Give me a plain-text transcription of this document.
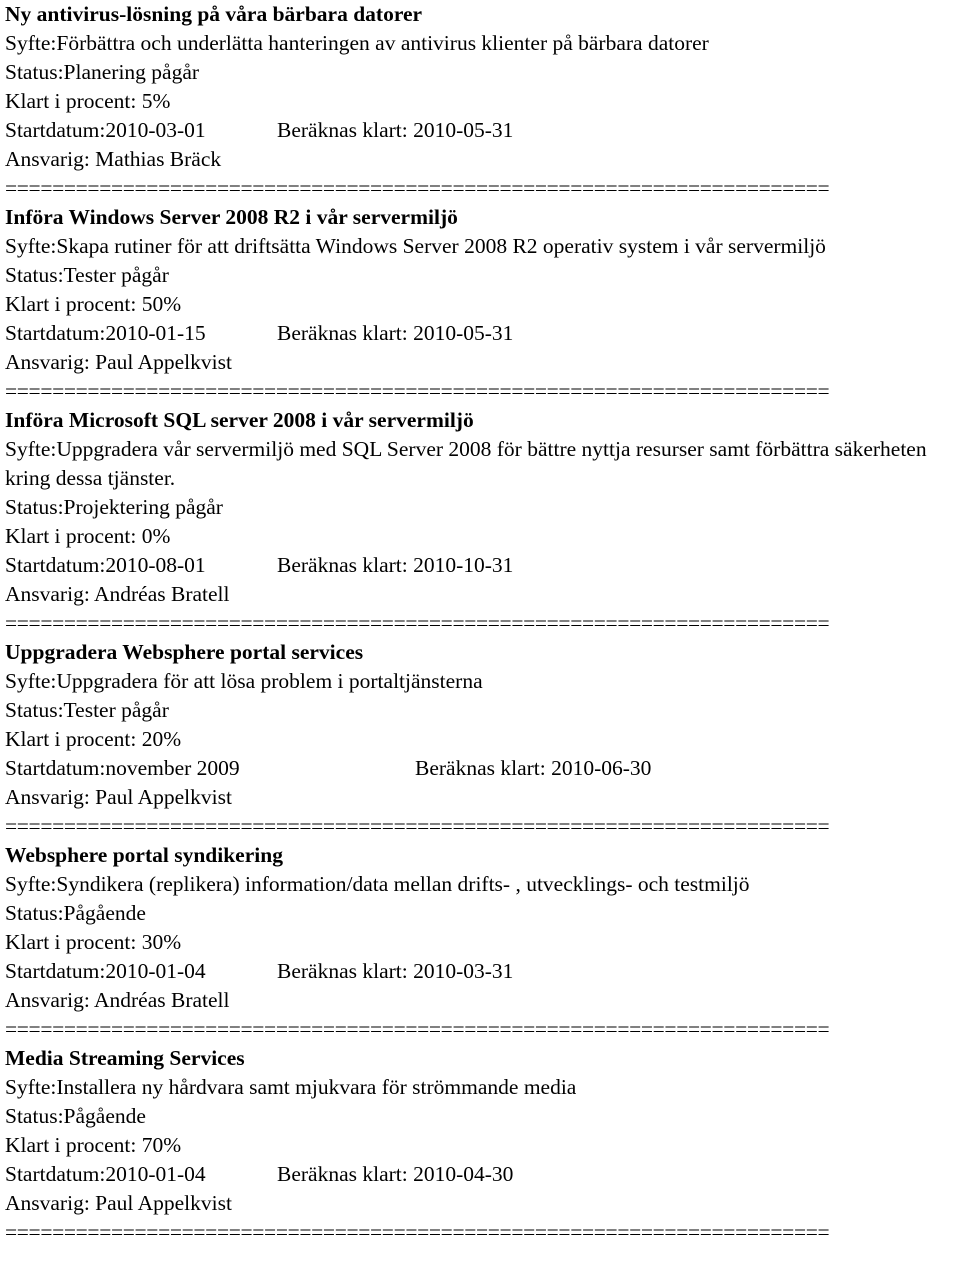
Ny antivirus-lösning på våra bärbara datorer
Syfte:Förbättra och underlätta hanteringen av antivirus klienter på bärbara datorer
Status:Planering pågår
Klart i procent: 5%
Startdatum:2010-03-01	Beräknas klart: 2010-05-31
Ansvarig: Mathias Bräck
======================================================================
Införa Windows Server 2008 R2 i vår servermiljö
Syfte:Skapa rutiner för att driftsätta Windows Server 2008 R2 operativ system i vår servermiljö
Status:Tester pågår
Klart i procent: 50%
Startdatum:2010-01-15	Beräknas klart: 2010-05-31
Ansvarig: Paul Appelkvist
======================================================================
Införa Microsoft SQL server 2008 i vår servermiljö
Syfte:Uppgradera vår servermiljö med SQL Server 2008 för bättre nyttja resurser samt förbättra säkerheten kring dessa tjänster.
Status:Projektering pågår
Klart i procent: 0%
Startdatum:2010-08-01	Beräknas klart: 2010-10-31
Ansvarig: Andréas Bratell
======================================================================
Uppgradera Websphere portal services
Syfte:Uppgradera för att lösa problem i portaltjänsterna
Status:Tester pågår
Klart i procent: 20%
Startdatum:november 2009	Beräknas klart: 2010-06-30
Ansvarig: Paul Appelkvist
======================================================================
Websphere portal syndikering
Syfte:Syndikera (replikera) information/data mellan drifts- , utvecklings- och testmiljö
Status:Pågående
Klart i procent: 30%
Startdatum:2010-01-04	Beräknas klart: 2010-03-31
Ansvarig: Andréas Bratell
======================================================================
Media Streaming Services
Syfte:Installera ny hårdvara samt mjukvara för strömmande media
Status:Pågående
Klart i procent: 70%
Startdatum:2010-01-04	Beräknas klart: 2010-04-30
Ansvarig: Paul Appelkvist
======================================================================
